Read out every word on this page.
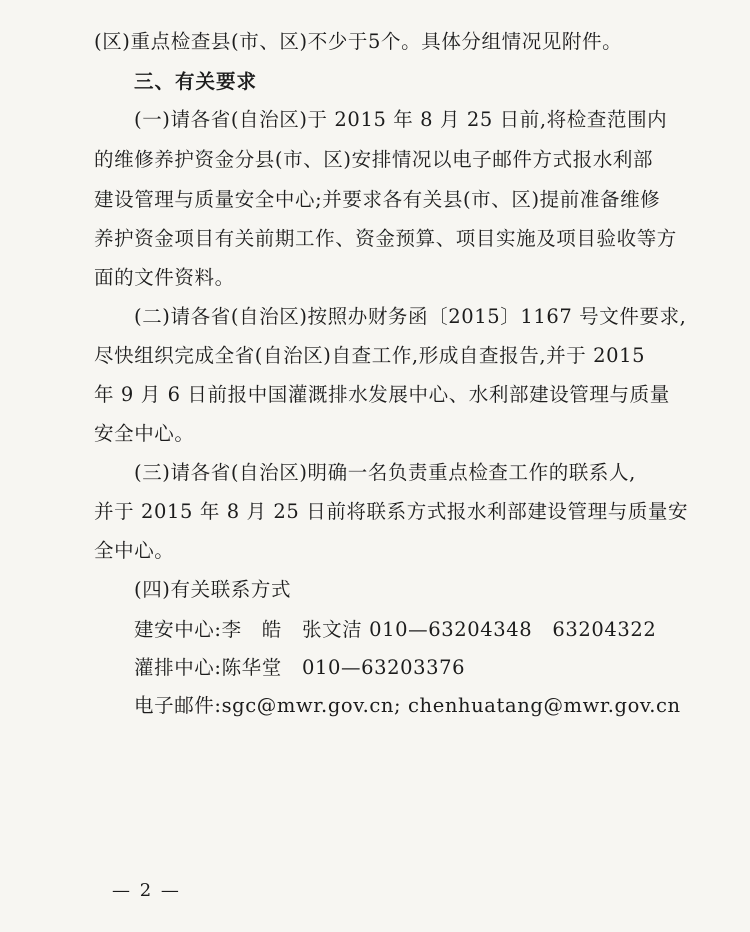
(区)重点检查县(市、区)不少于5个。具体分组情况见附件。
三、有关要求
(一)请各省(自治区)于 2015 年 8 月 25 日前,将检查范围内
的维修养护资金分县(市、区)安排情况以电子邮件方式报水利部
建设管理与质量安全中心;并要求各有关县(市、区)提前准备维修
养护资金项目有关前期工作、资金预算、项目实施及项目验收等方
面的文件资料。
(二)请各省(自治区)按照办财务函〔2015〕1167 号文件要求,
尽快组织完成全省(自治区)自查工作,形成自查报告,并于 2015
年 9 月 6 日前报中国灌溉排水发展中心、水利部建设管理与质量
安全中心。
(三)请各省(自治区)明确一名负责重点检查工作的联系人,
并于 2015 年 8 月 25 日前将联系方式报水利部建设管理与质量安
全中心。
(四)有关联系方式
建安中心:李　皓　张文洁 010—63204348　63204322
灌排中心:陈华堂　010—63203376
电子邮件:sgc@mwr.gov.cn; chenhuatang@mwr.gov.cn
— 2 —
